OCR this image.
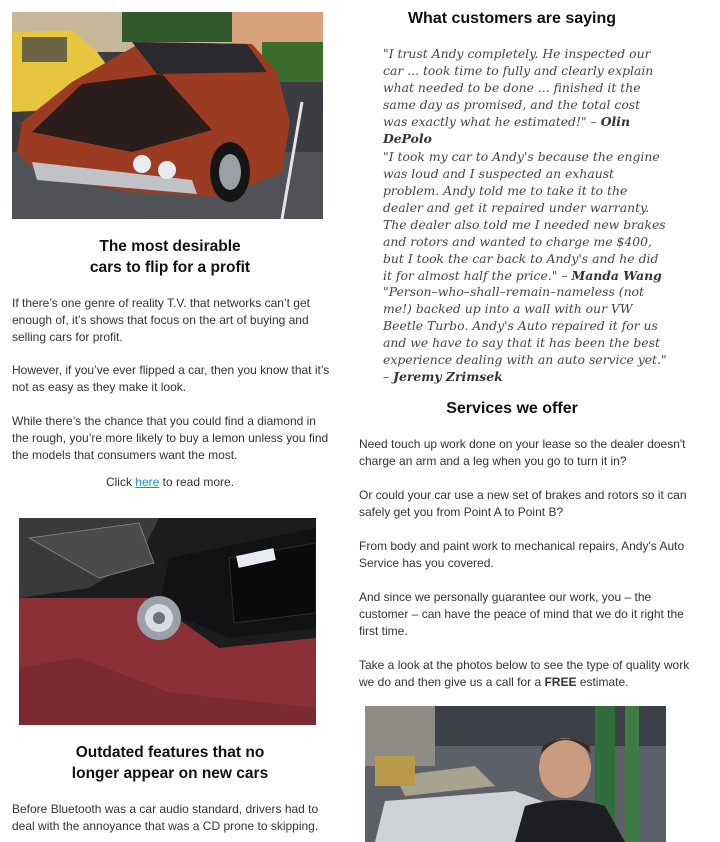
The most desirable
cars to flip for a profit

If there’s one genre of reality T.V. that networks can’t get enough of, it’s shows that focus on the art of buying and selling cars for profit.

However, if you’ve ever flipped a car, then you know that it’s not as easy as they make it look.

While there’s the chance that you could find a diamond in the rough, you’re more likely to buy a lemon unless you find the models that consumers want the most.

Click here to read more.

Outdated features that no
longer appear on new cars

Before Bluetooth was a car audio standard, drivers had to deal with the annoyance that was a CD prone to skipping.

What customers are saying

"I trust Andy completely. He inspected our car ... took time to fully and clearly explain what needed to be done ... finished it the same day as promised, and the total cost was exactly what he estimated!" – Olin DePolo

"I took my car to Andy's because the engine was loud and I suspected an exhaust problem. Andy told me to take it to the dealer and get it repaired under warranty. The dealer also told me I needed new brakes and rotors and wanted to charge me $400, but I took the car back to Andy's and he did it for almost half the price." – Manda Wang

"Person–who–shall–remain–nameless (not me!) backed up into a wall with our VW Beetle Turbo. Andy's Auto repaired it for us and we have to say that it has been the best experience dealing with an auto service yet." – Jeremy Zrimsek

Services we offer

Need touch up work done on your lease so the dealer doesn't charge an arm and a leg when you go to turn it in?

Or could your car use a new set of brakes and rotors so it can safely get you from Point A to Point B?

From body and paint work to mechanical repairs, Andy's Auto Service has you covered.

And since we personally guarantee our work, you – the customer – can have the peace of mind that we do it right the first time.

Take a look at the photos below to see the type of quality work we do and then give us a call for a FREE estimate.
